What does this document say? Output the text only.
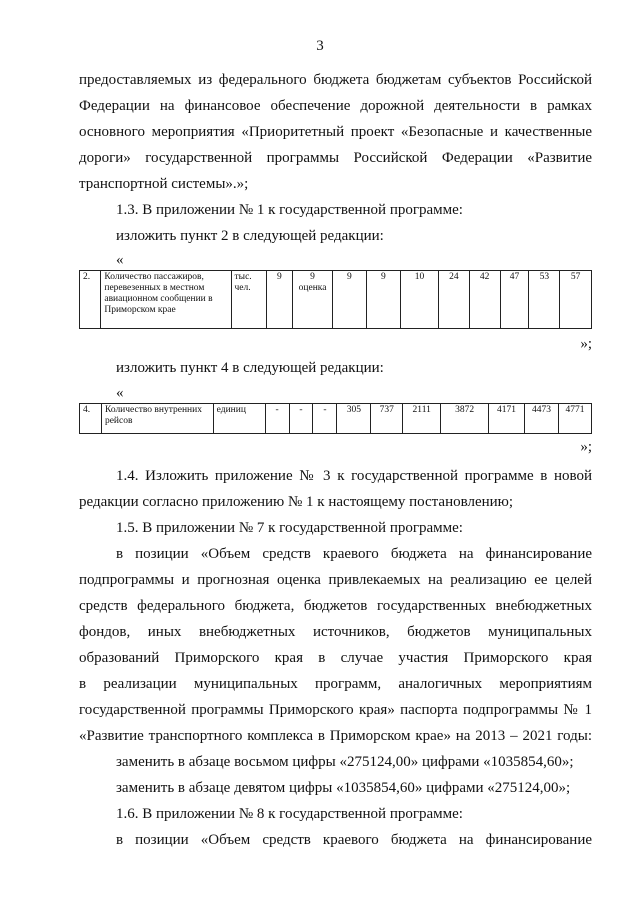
3
предоставляемых из федерального бюджета бюджетам субъектов Российской
Федерации на финансовое обеспечение дорожной деятельности в рамках
основного мероприятия «Приоритетный проект «Безопасные и качественные
дороги» государственной программы Российской Федерации «Развитие
транспортной системы».»;
1.3. В приложении № 1 к государственной программе:
изложить пункт 2 в следующей редакции:
«
2.	Количество пассажиров, перевезенных в местном авиационном сообщении в Приморском крае	тыс. чел.	9	9 оценка	9	9	10	24	42	47	53	57
»;
изложить пункт 4 в следующей редакции:
«
4.	Количество внутренних рейсов	единиц	-	-	-	305	737	2111	3872	4171	4473	4771
»;
1.4. Изложить приложение № 3 к государственной программе в новой
редакции согласно приложению № 1 к настоящему постановлению;
1.5. В приложении № 7 к государственной программе:
в позиции «Объем средств краевого бюджета на финансирование
подпрограммы и прогнозная оценка привлекаемых на реализацию ее целей
средств федерального бюджета, бюджетов государственных внебюджетных
фондов, иных внебюджетных источников, бюджетов муниципальных
образований Приморского края в случае участия Приморского края
в реализации муниципальных программ, аналогичных мероприятиям
государственной программы Приморского края» паспорта подпрограммы № 1
«Развитие транспортного комплекса в Приморском крае» на 2013 – 2021 годы:
заменить в абзаце восьмом цифры «275124,00» цифрами «1035854,60»;
заменить в абзаце девятом цифры «1035854,60» цифрами «275124,00»;
1.6. В приложении № 8 к государственной программе:
в позиции «Объем средств краевого бюджета на финансирование
